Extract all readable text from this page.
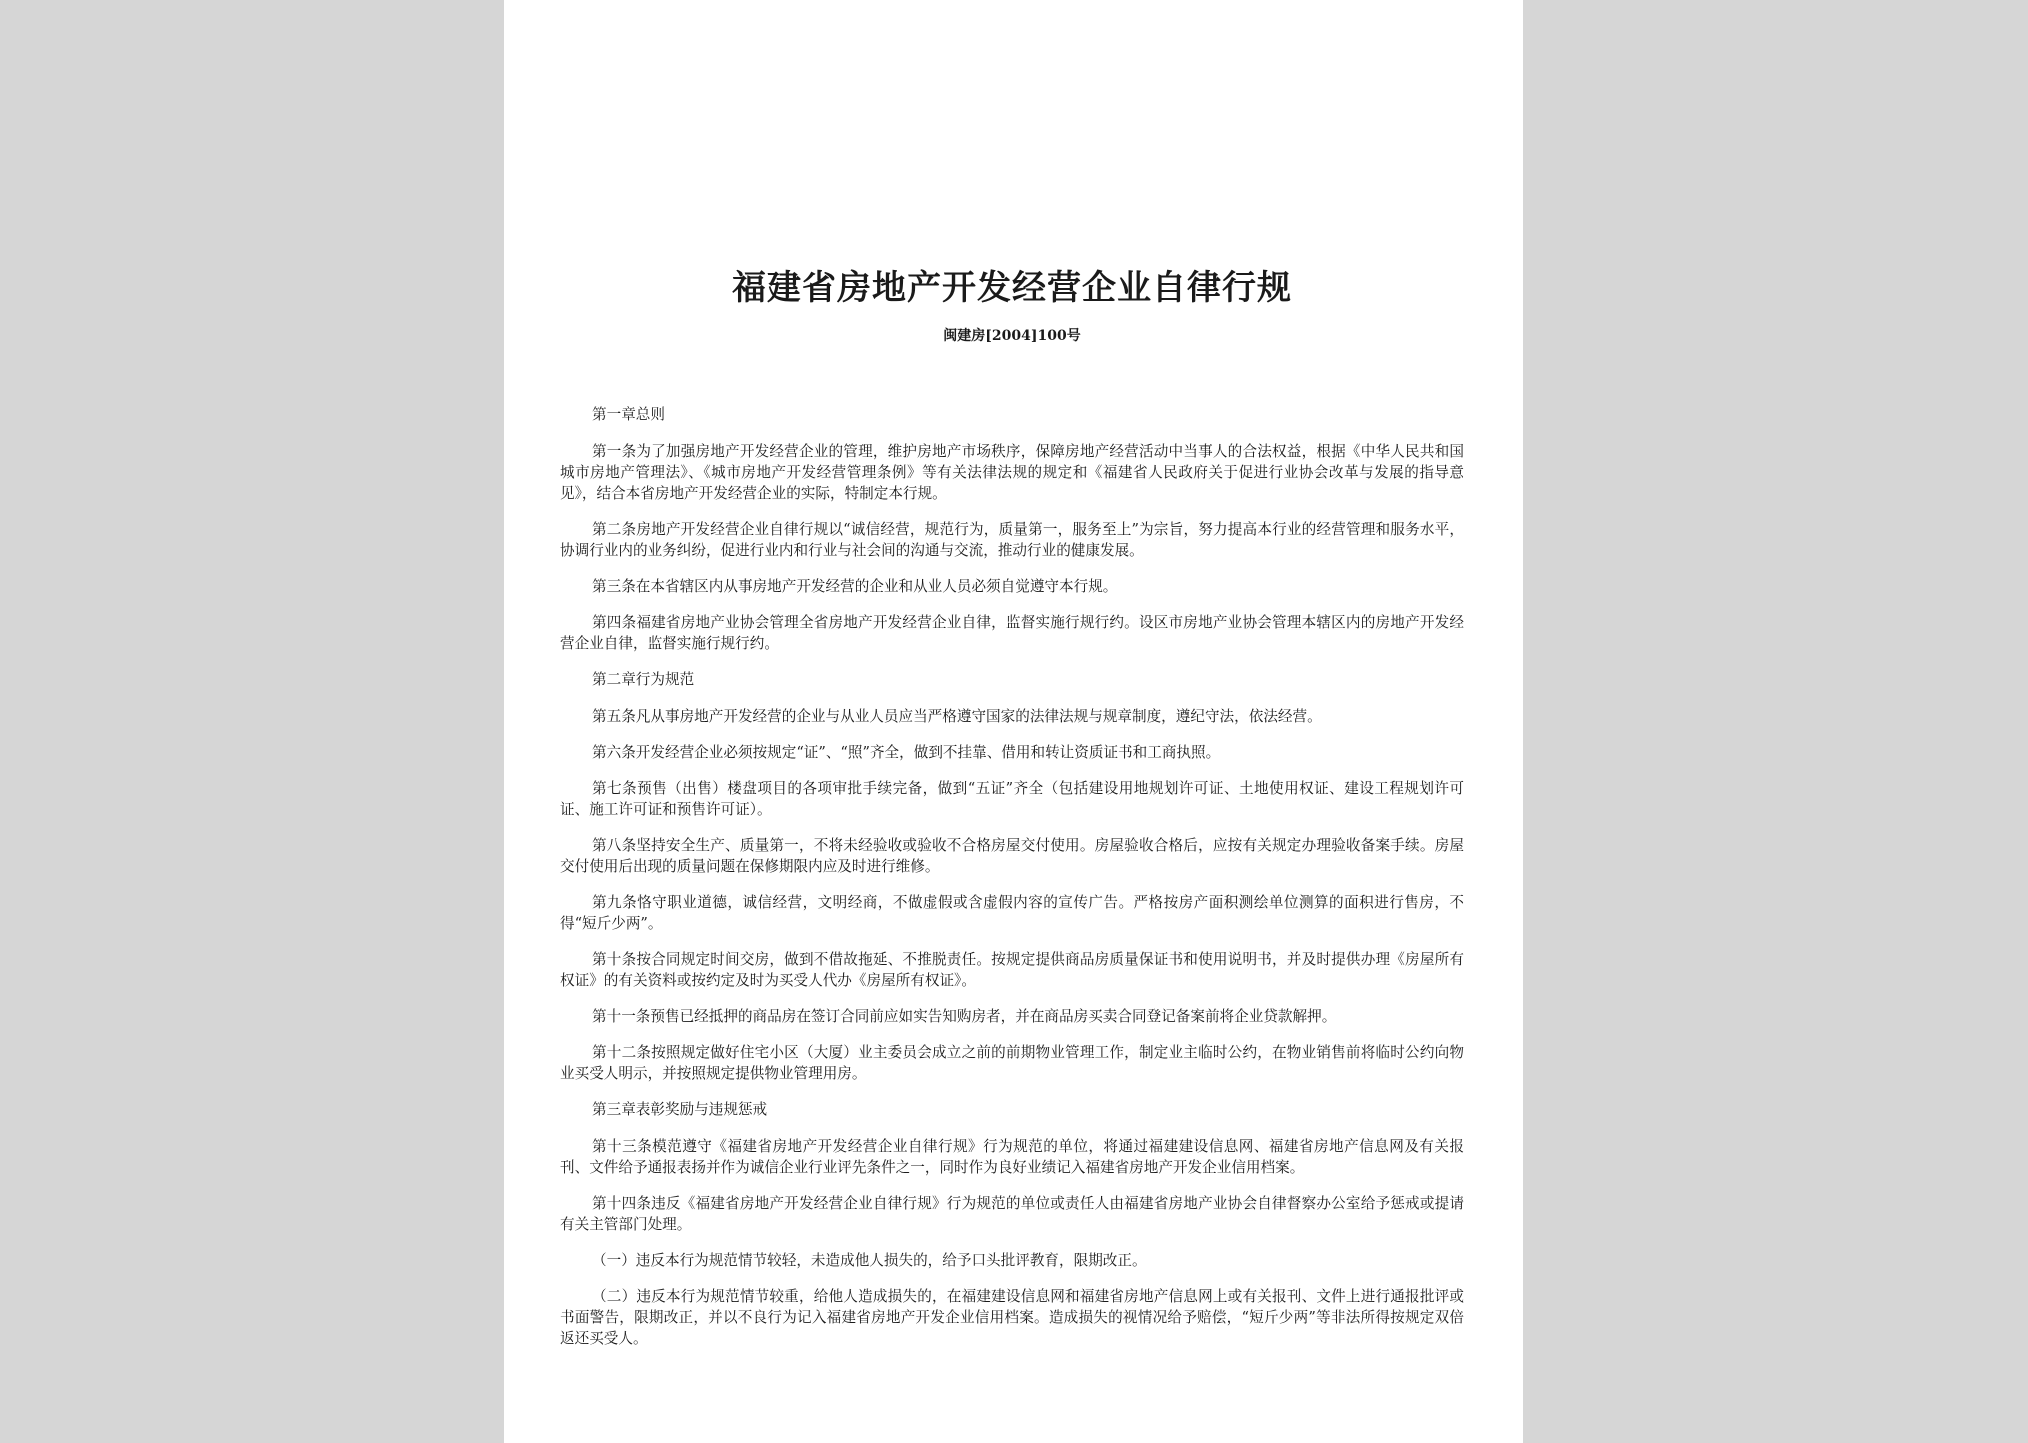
福建省房地产开发经营企业自律行规
闽建房[2004]100号

第一章总则

第一条为了加强房地产开发经营企业的管理，维护房地产市场秩序，保障房地产经营活动中当事人的合法权益，根据《中华人民共和国城市房地产管理法》、《城市房地产开发经营管理条例》等有关法律法规的规定和《福建省人民政府关于促进行业协会改革与发展的指导意见》，结合本省房地产开发经营企业的实际，特制定本行规。

第二条房地产开发经营企业自律行规以“诚信经营，规范行为，质量第一，服务至上”为宗旨，努力提高本行业的经营管理和服务水平，协调行业内的业务纠纷，促进行业内和行业与社会间的沟通与交流，推动行业的健康发展。

第三条在本省辖区内从事房地产开发经营的企业和从业人员必须自觉遵守本行规。

第四条福建省房地产业协会管理全省房地产开发经营企业自律，监督实施行规行约。设区市房地产业协会管理本辖区内的房地产开发经营企业自律，监督实施行规行约。

第二章行为规范

第五条凡从事房地产开发经营的企业与从业人员应当严格遵守国家的法律法规与规章制度，遵纪守法，依法经营。

第六条开发经营企业必须按规定“证”、“照”齐全，做到不挂靠、借用和转让资质证书和工商执照。

第七条预售（出售）楼盘项目的各项审批手续完备，做到“五证”齐全（包括建设用地规划许可证、土地使用权证、建设工程规划许可证、施工许可证和预售许可证）。

第八条坚持安全生产、质量第一，不将未经验收或验收不合格房屋交付使用。房屋验收合格后，应按有关规定办理验收备案手续。房屋交付使用后出现的质量问题在保修期限内应及时进行维修。

第九条恪守职业道德，诚信经营，文明经商，不做虚假或含虚假内容的宣传广告。严格按房产面积测绘单位测算的面积进行售房，不得“短斤少两”。

第十条按合同规定时间交房，做到不借故拖延、不推脱责任。按规定提供商品房质量保证书和使用说明书，并及时提供办理《房屋所有权证》的有关资料或按约定及时为买受人代办《房屋所有权证》。

第十一条预售已经抵押的商品房在签订合同前应如实告知购房者，并在商品房买卖合同登记备案前将企业贷款解押。

第十二条按照规定做好住宅小区（大厦）业主委员会成立之前的前期物业管理工作，制定业主临时公约，在物业销售前将临时公约向物业买受人明示，并按照规定提供物业管理用房。

第三章表彰奖励与违规惩戒

第十三条模范遵守《福建省房地产开发经营企业自律行规》行为规范的单位，将通过福建建设信息网、福建省房地产信息网及有关报刊、文件给予通报表扬并作为诚信企业行业评先条件之一，同时作为良好业绩记入福建省房地产开发企业信用档案。

第十四条违反《福建省房地产开发经营企业自律行规》行为规范的单位或责任人由福建省房地产业协会自律督察办公室给予惩戒或提请有关主管部门处理。

（一）违反本行为规范情节较轻，未造成他人损失的，给予口头批评教育，限期改正。

（二）违反本行为规范情节较重，给他人造成损失的，在福建建设信息网和福建省房地产信息网上或有关报刊、文件上进行通报批评或书面警告，限期改正，并以不良行为记入福建省房地产开发企业信用档案。造成损失的视情况给予赔偿，“短斤少两”等非法所得按规定双倍返还买受人。
